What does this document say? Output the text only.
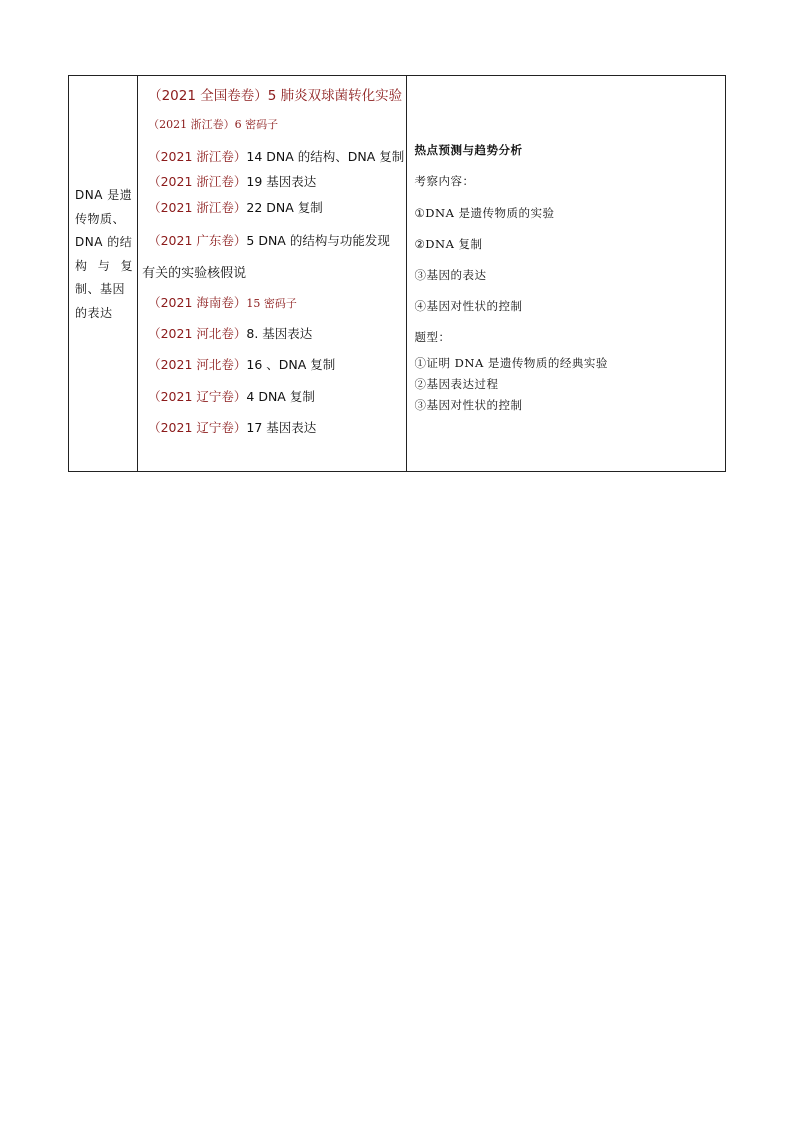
DNA 是遗
传物质、
DNA 的结
构 与 复
制、基因
的表达

（2021 全国卷卷）5 肺炎双球菌转化实验
（2021 浙江卷）6 密码子
（2021 浙江卷）14 DNA 的结构、DNA 复制
（2021 浙江卷）19 基因表达
（2021 浙江卷）22 DNA 复制
（2021 广东卷）5 DNA 的结构与功能发现
有关的实验核假说
（2021 海南卷）15 密码子
（2021 河北卷）8. 基因表达
（2021 河北卷）16 、DNA 复制
（2021 辽宁卷）4 DNA 复制
（2021 辽宁卷）17 基因表达

热点预测与趋势分析
考察内容：
①DNA 是遗传物质的实验
②DNA 复制
③基因的表达
④基因对性状的控制
题型：
①证明 DNA 是遗传物质的经典实验
②基因表达过程
③基因对性状的控制
